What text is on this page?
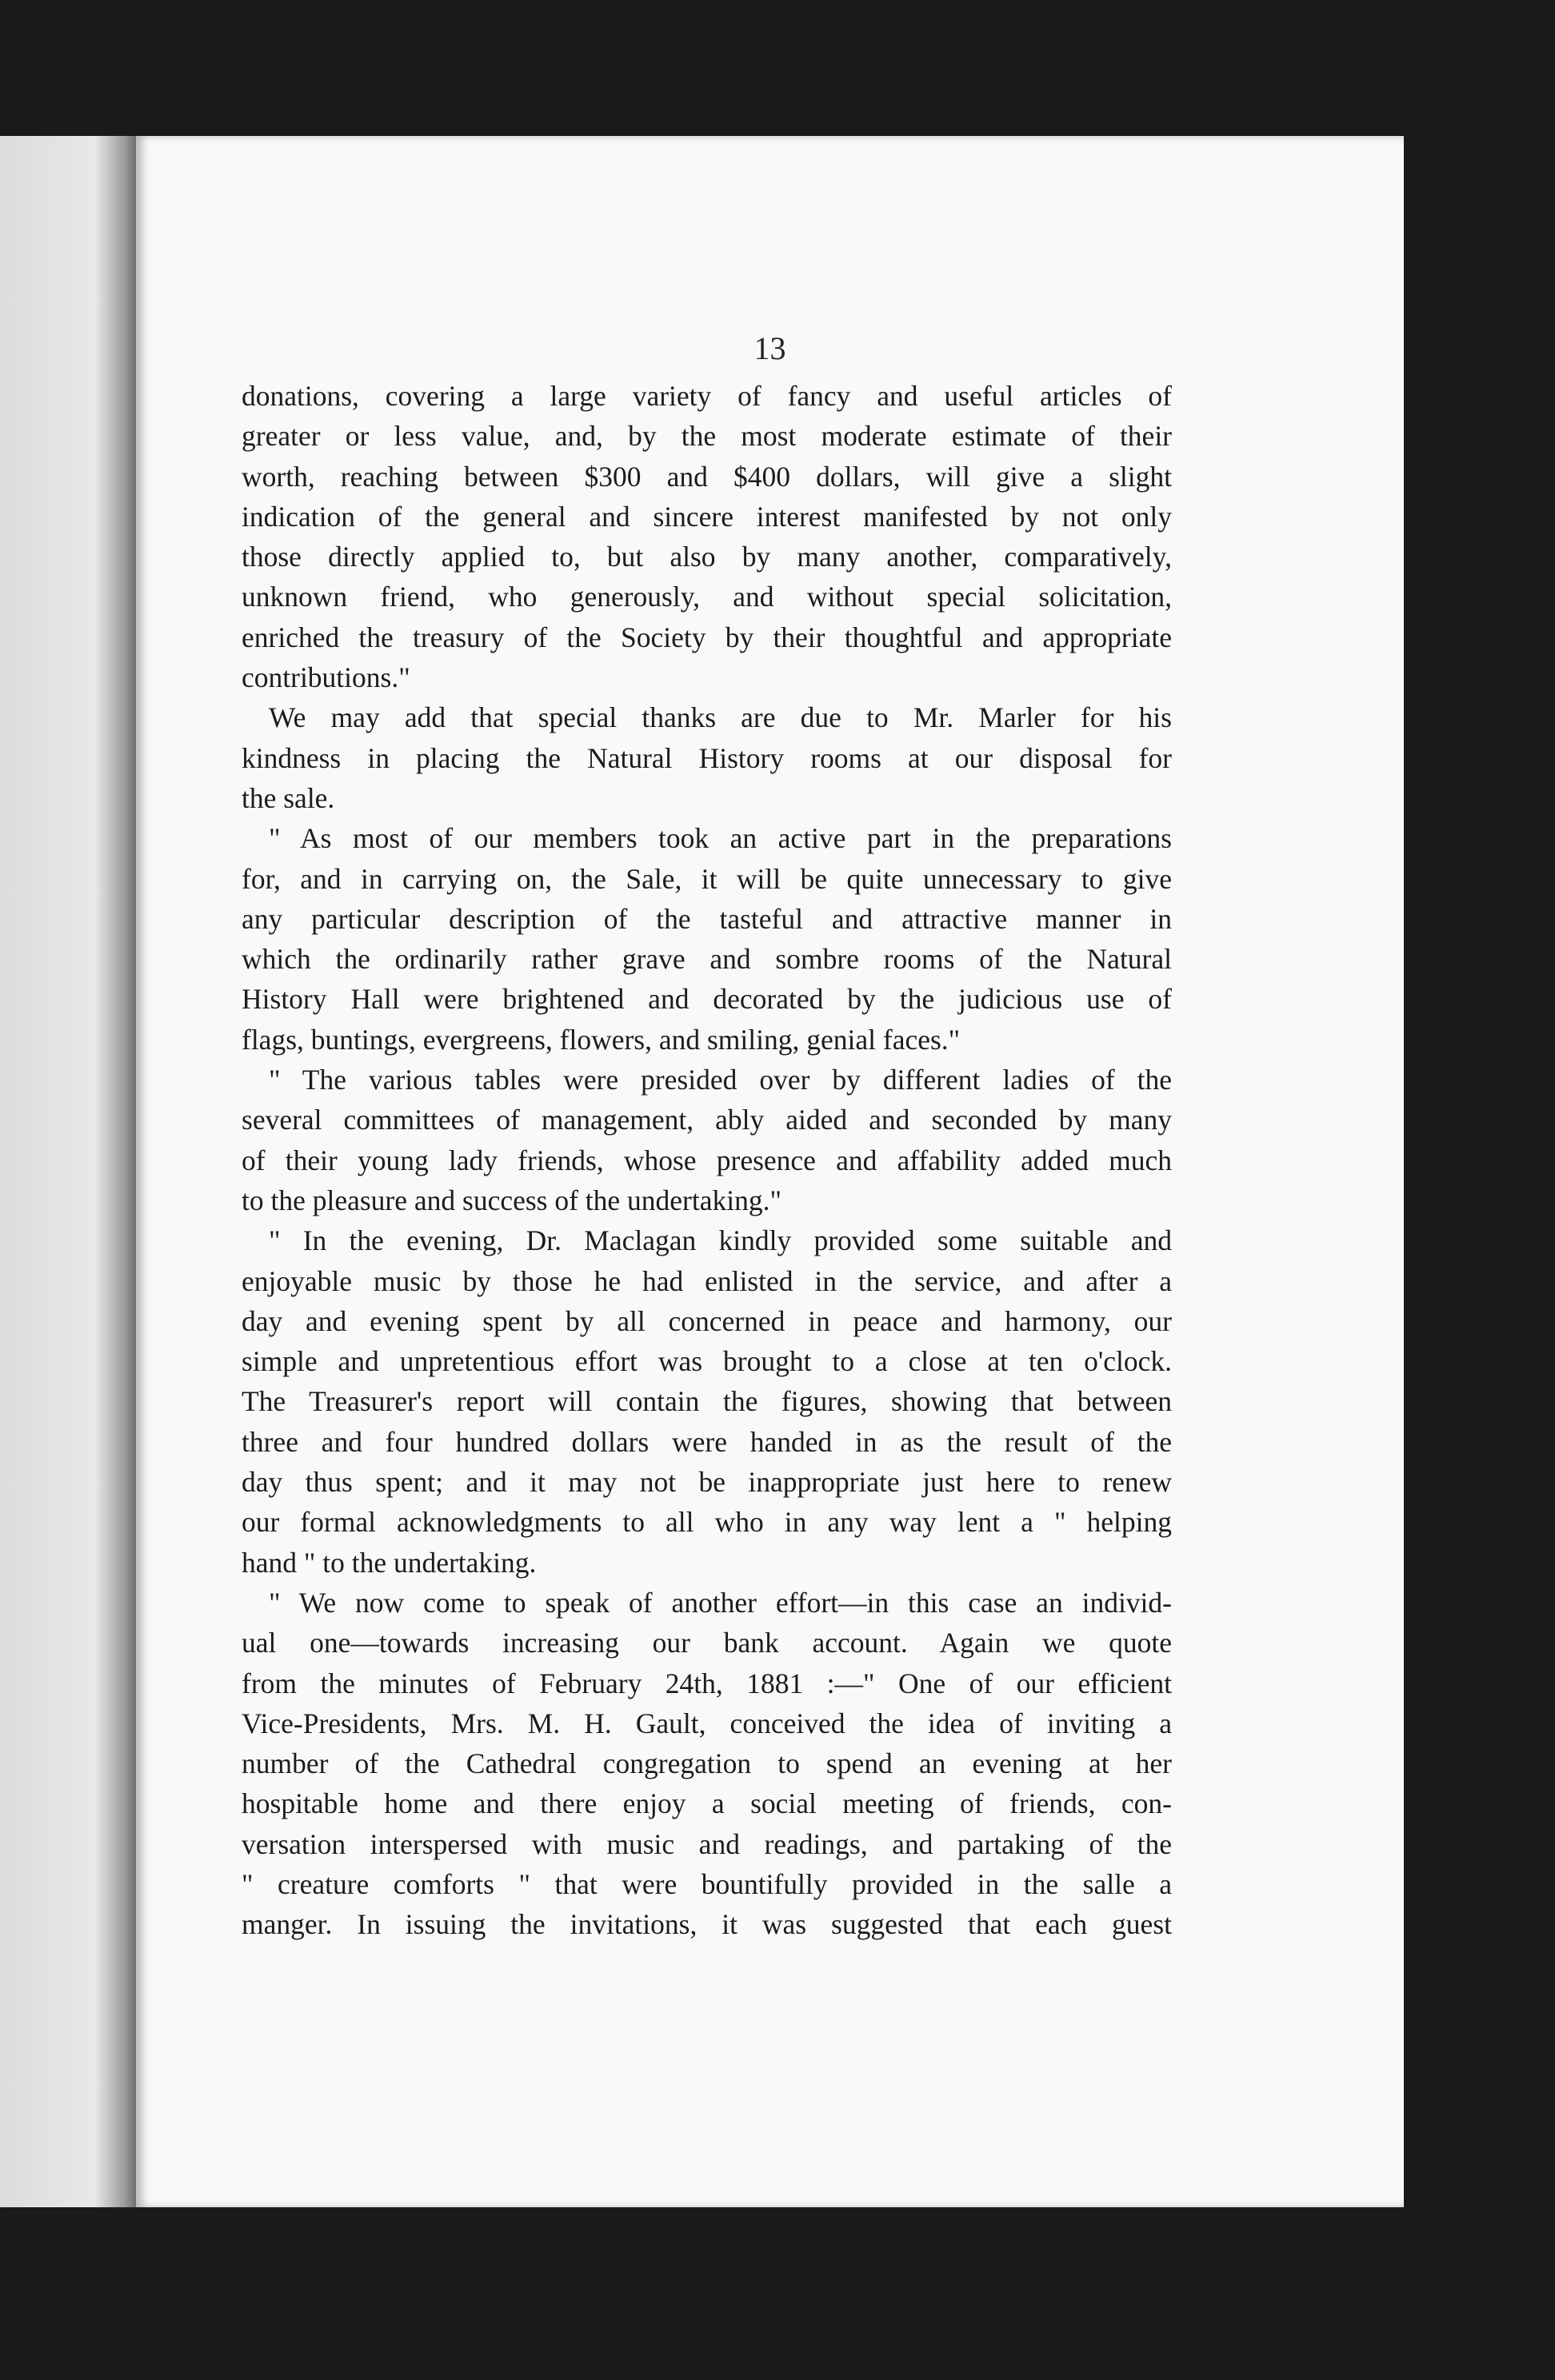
13
donations, covering a large variety of fancy and useful articles of
greater or less value, and, by the most moderate estimate of their
worth, reaching between $300 and $400 dollars, will give a slight
indication of the general and sincere interest manifested by not only
those directly applied to, but also by many another, comparatively,
unknown friend, who generously, and without special solicitation,
enriched the treasury of the Society by their thoughtful and appropriate
contributions."
We may add that special thanks are due to Mr. Marler for his
kindness in placing the Natural History rooms at our disposal for
the sale.
" As most of our members took an active part in the preparations
for, and in carrying on, the Sale, it will be quite unnecessary to give
any particular description of the tasteful and attractive manner in
which the ordinarily rather grave and sombre rooms of the Natural
History Hall were brightened and decorated by the judicious use of
flags, buntings, evergreens, flowers, and smiling, genial faces."
" The various tables were presided over by different ladies of the
several committees of management, ably aided and seconded by many
of their young lady friends, whose presence and affability added much
to the pleasure and success of the undertaking."
" In the evening, Dr. Maclagan kindly provided some suitable and
enjoyable music by those he had enlisted in the service, and after a
day and evening spent by all concerned in peace and harmony, our
simple and unpretentious effort was brought to a close at ten o'clock.
The Treasurer's report will contain the figures, showing that between
three and four hundred dollars were handed in as the result of the
day thus spent; and it may not be inappropriate just here to renew
our formal acknowledgments to all who in any way lent a " helping
hand " to the undertaking.
" We now come to speak of another effort—in this case an individ-
ual one—towards increasing our bank account. Again we quote
from the minutes of February 24th, 1881 :—" One of our efficient
Vice-Presidents, Mrs. M. H. Gault, conceived the idea of inviting a
number of the Cathedral congregation to spend an evening at her
hospitable home and there enjoy a social meeting of friends, con-
versation interspersed with music and readings, and partaking of the
" creature comforts " that were bountifully provided in the salle a
manger. In issuing the invitations, it was suggested that each guest
